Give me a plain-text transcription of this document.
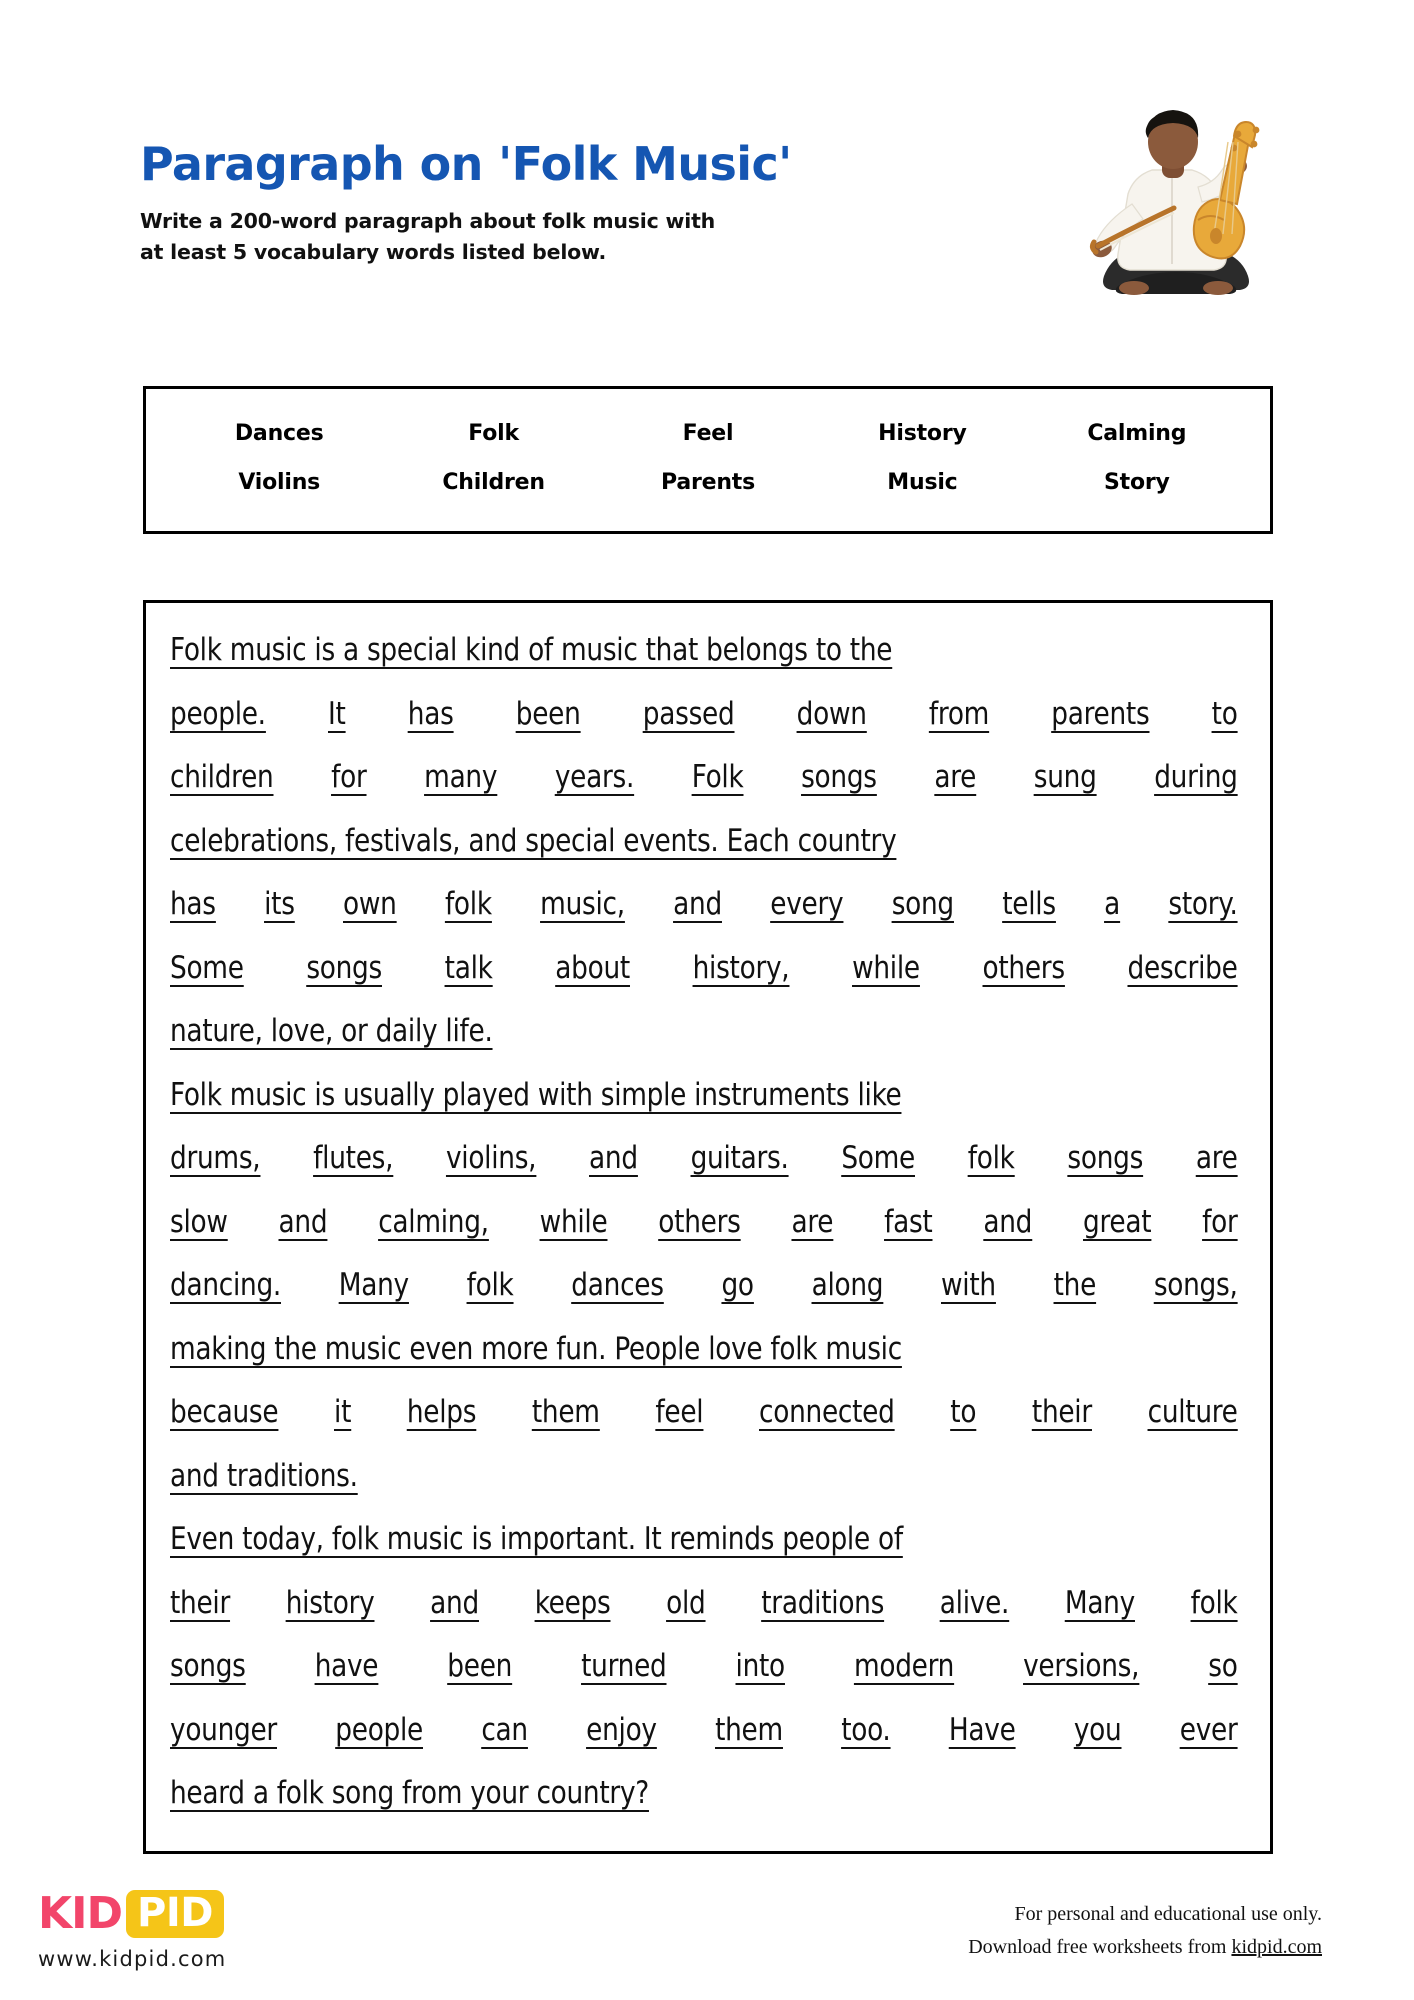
Paragraph on 'Folk Music'
Write a 200-word paragraph about folk music with
at least 5 vocabulary words listed below.
Dances	Folk	Feel	History	Calming
Violins	Children	Parents	Music	Story
Folk music is a special kind of music that belongs to the
people. It has been passed down from parents to
children for many years. Folk songs are sung during
celebrations, festivals, and special events. Each country
has its own folk music, and every song tells a story.
Some songs talk about history, while others describe
nature, love, or daily life.
Folk music is usually played with simple instruments like
drums, flutes, violins, and guitars. Some folk songs are
slow and calming, while others are fast and great for
dancing. Many folk dances go along with the songs,
making the music even more fun. People love folk music
because it helps them feel connected to their culture
and traditions.
Even today, folk music is important. It reminds people of
their history and keeps old traditions alive. Many folk
songs have been turned into modern versions, so
younger people can enjoy them too. Have you ever
heard a folk song from your country?
KID PID
www.kidpid.com
For personal and educational use only.
Download free worksheets from kidpid.com
